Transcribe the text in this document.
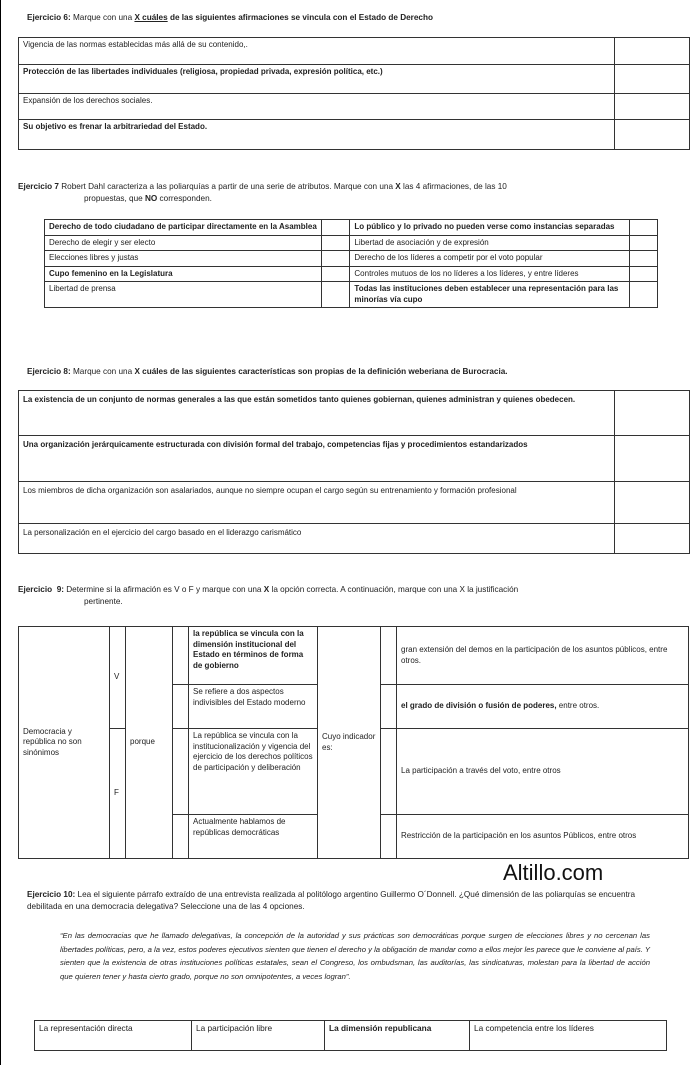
Ejercicio 6: Marque con una X cuáles de las siguientes afirmaciones se vincula con el Estado de Derecho
Vigencia de las normas establecidas más allá de su contenido,.	
Protección de las libertades individuales (religiosa, propiedad privada, expresión política, etc.)	
Expansión de los derechos sociales.	
Su objetivo es frenar la arbitrariedad del Estado.	
Ejercicio 7 Robert Dahl caracteriza a las poliarquías a partir de una serie de atributos. Marque con una X las 4 afirmaciones, de las 10
propuestas, que NO corresponden.
Derecho de todo ciudadano de participar directamente en la Asamblea		Lo público y lo privado no pueden verse como instancias separadas	
Derecho de elegir y ser electo		Libertad de asociación y de expresión	
Elecciones libres y justas		Derecho de los líderes a competir por el voto popular	
Cupo femenino en la Legislatura		Controles mutuos de los no líderes a los líderes, y entre líderes	
Libertad de prensa		Todas las instituciones deben establecer una representación para las minorías vía cupo	
Ejercicio 8: Marque con una X cuáles de las siguientes características son propias de la definición weberiana de Burocracia.
La existencia de un conjunto de normas generales a las que están sometidos tanto quienes gobiernan, quienes administran y quienes obedecen.	
Una organización jerárquicamente estructurada con división formal del trabajo, competencias fijas y procedimientos estandarizados	
Los miembros de dicha organización son asalariados, aunque no siempre ocupan el cargo según su entrenamiento y formación profesional	
La personalización en el ejercicio del cargo basado en el liderazgo carismático	
Ejercicio 9: Determine si la afirmación es V o F y marque con una X la opción correcta. A continuación, marque con una X la justificación
pertinente.
Democracia y república no son sinónimos	V	porque		la república se vincula con la dimensión institucional del Estado en términos de forma de gobierno	Cuyo indicador es:		gran extensión del demos en la participación de los asuntos públicos, entre otros.
				Se refiere a dos aspectos indivisibles del Estado moderno			el grado de división o fusión de poderes, entre otros.
	F			La república se vincula con la institucionalización y vigencia del ejercicio de los derechos políticos de participación y deliberación			La participación a través del voto, entre otros
				Actualmente hablamos de repúblicas democráticas			Restricción de la participación en los asuntos Públicos, entre otros
Altillo.com
Ejercicio 10: Lea el siguiente párrafo extraído de una entrevista realizada al politólogo argentino Guillermo O´Donnell. ¿Qué dimensión de las poliarquías se encuentra debilitada en una democracia delegativa? Seleccione una de las 4 opciones.
“En las democracias que he llamado delegativas, la concepción de la autoridad y sus prácticas son democráticas porque surgen de elecciones libres y no cercenan las libertades políticas, pero, a la vez, estos poderes ejecutivos sienten que tienen el derecho y la obligación de mandar como a ellos mejor les parece que le conviene al país. Y sienten que la existencia de otras instituciones políticas estatales, sean el Congreso, los ombudsman, las auditorías, las sindicaturas, molestan para la libertad de acción que quieren tener y hasta cierto grado, porque no son omnipotentes, a veces logran”.
La representación directa	La participación libre	La dimensión republicana	La competencia entre los líderes
